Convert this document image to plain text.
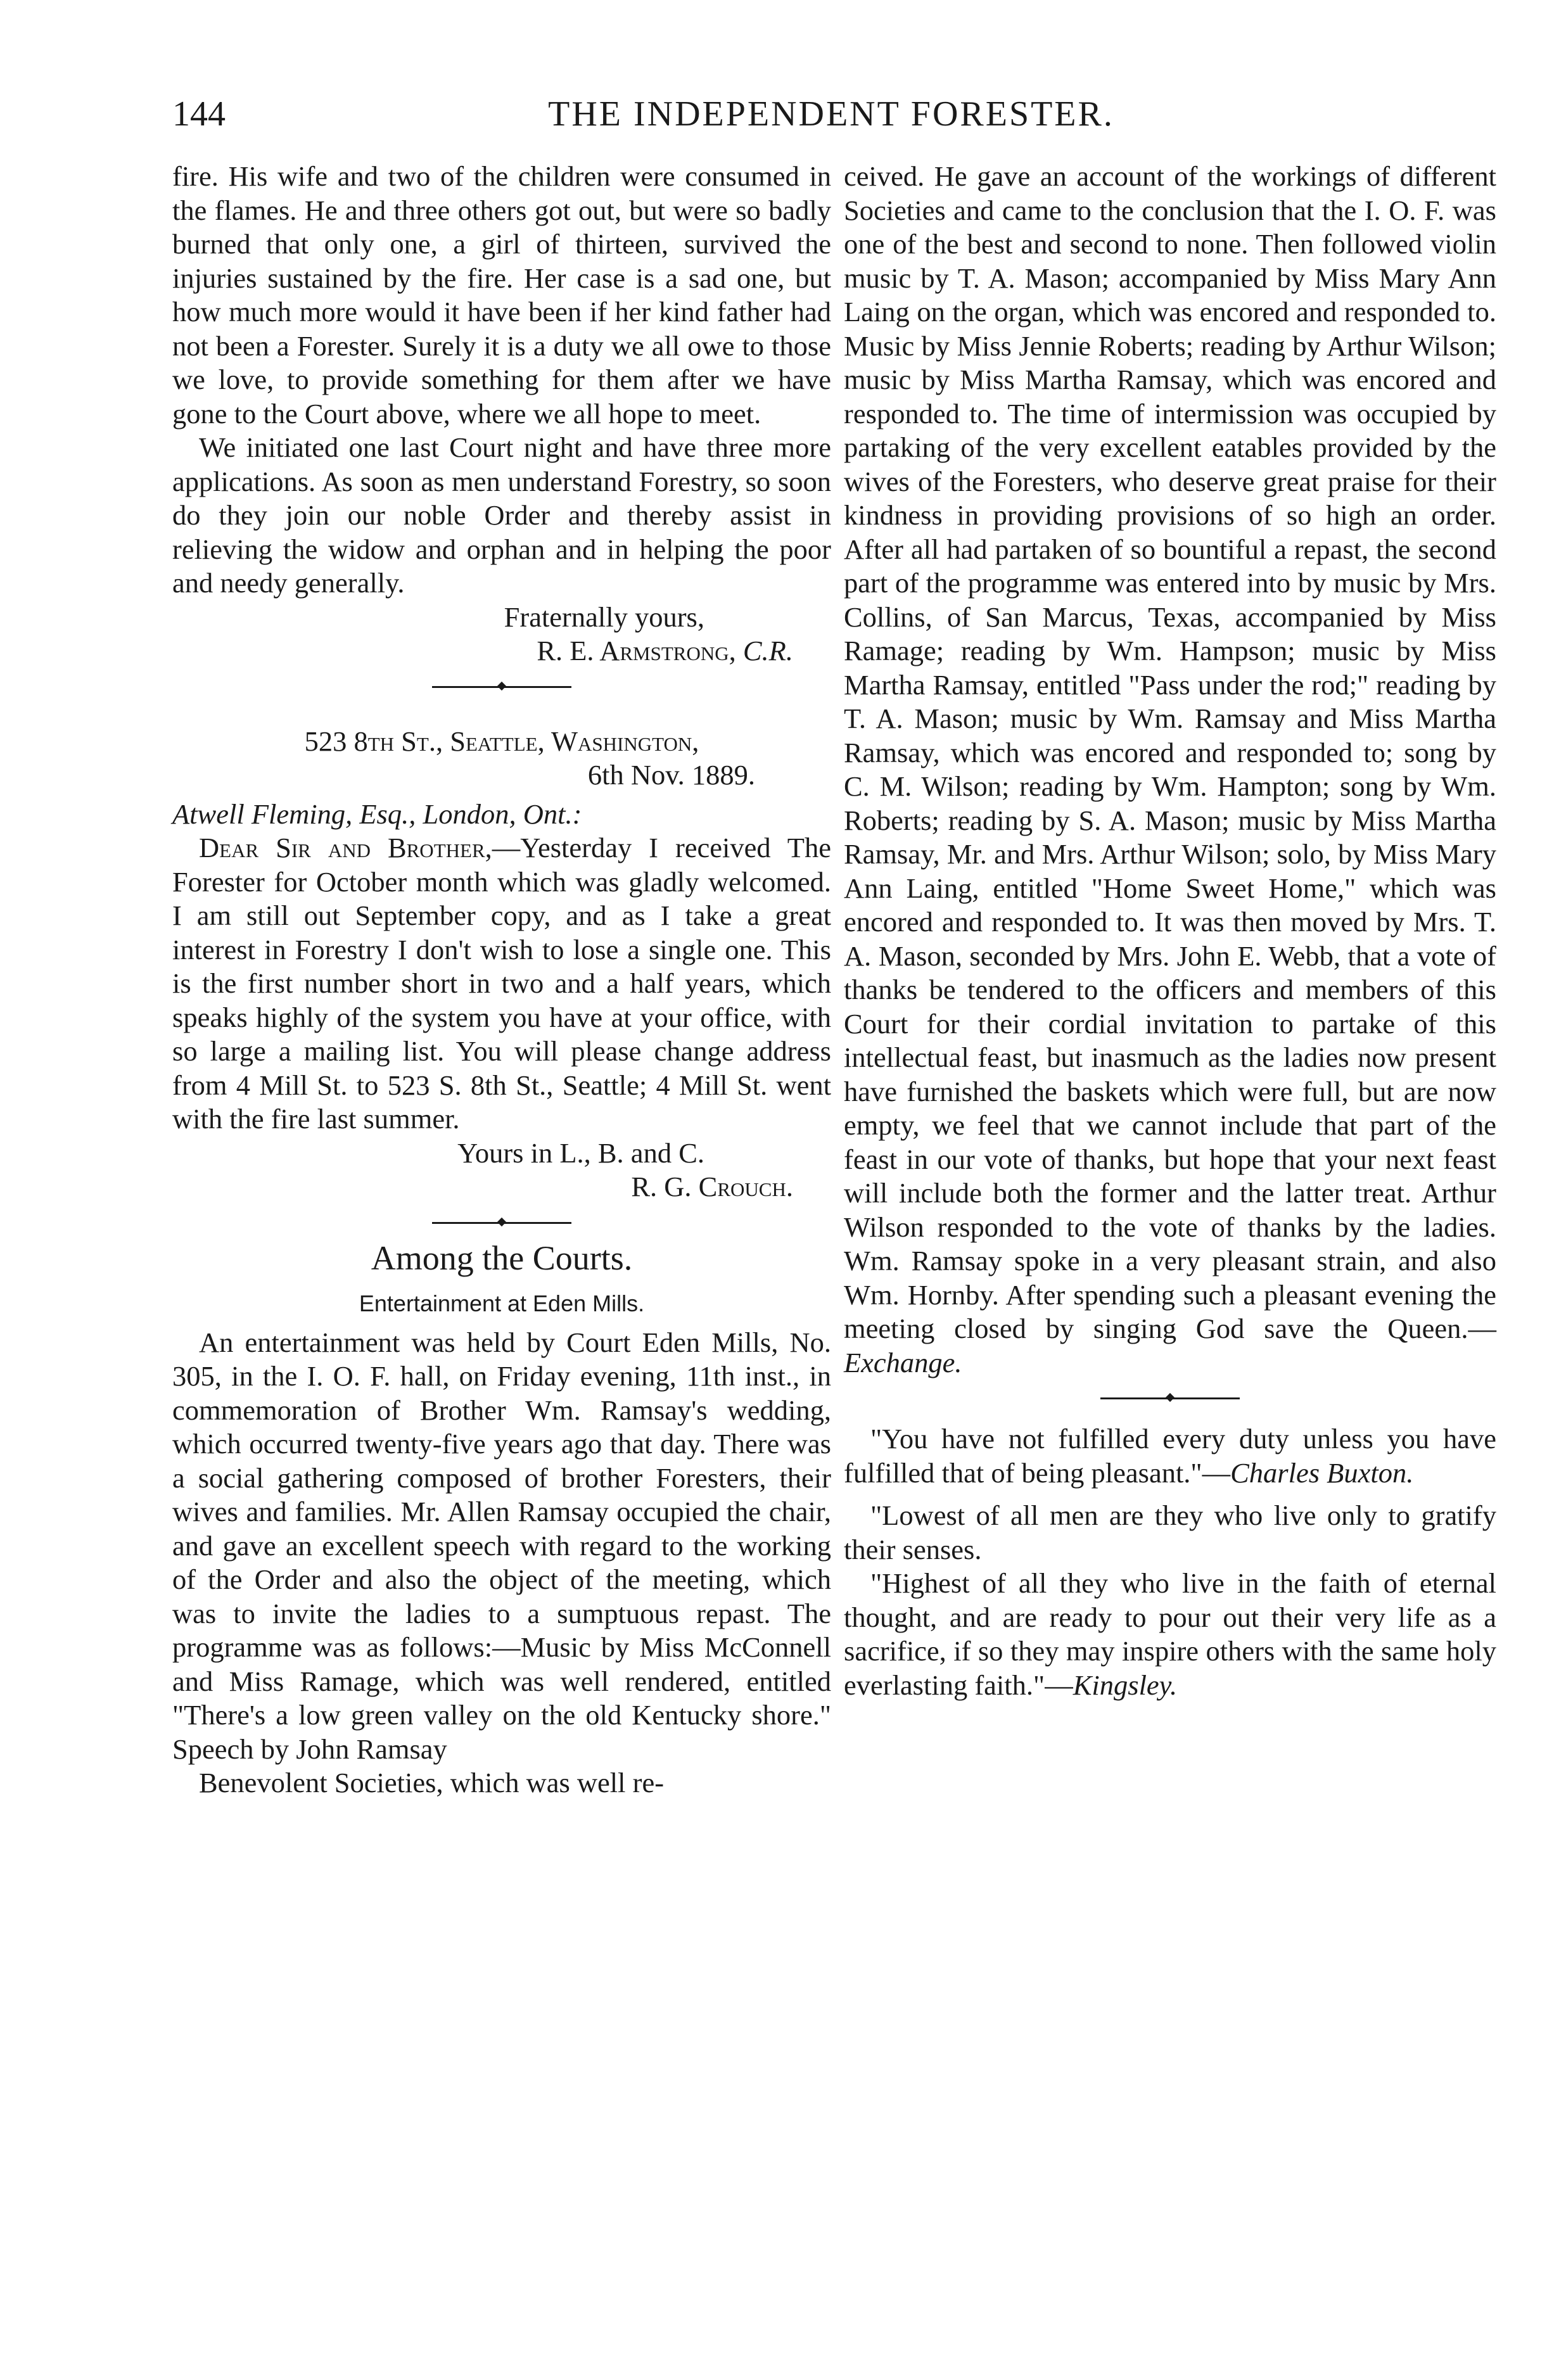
144	THE INDEPENDENT FORESTER.

fire. His wife and two of the children were consumed in the flames. He and three others got out, but were so badly burned that only one, a girl of thirteen, survived the injuries sustained by the fire. Her case is a sad one, but how much more would it have been if her kind father had not been a Forester. Surely it is a duty we all owe to those we love, to provide something for them after we have gone to the Court above, where we all hope to meet.

We initiated one last Court night and have three more applications. As soon as men understand Forestry, so soon do they join our noble Order and thereby assist in relieving the widow and orphan and in helping the poor and needy generally.

Fraternally yours,
R. E. Armstrong, C.R.
523 8th St., Seattle, Washington,
6th Nov. 1889.

Atwell Fleming, Esq., London, Ont.:

Dear Sir and Brother,—Yesterday I received The Forester for October month which was gladly welcomed. I am still out September copy, and as I take a great interest in Forestry I don't wish to lose a single one. This is the first number short in two and a half years, which speaks highly of the system you have at your office, with so large a mailing list. You will please change address from 4 Mill St. to 523 S. 8th St., Seattle; 4 Mill St. went with the fire last summer.

Yours in L., B. and C.
R. G. Crouch.
Among the Courts.
Entertainment at Eden Mills.

An entertainment was held by Court Eden Mills, No. 305, in the I. O. F. hall, on Friday evening, 11th inst., in commemoration of Brother Wm. Ramsay's wedding, which occurred twenty-five years ago that day. There was a social gathering composed of brother Foresters, their wives and families. Mr. Allen Ramsay occupied the chair, and gave an excellent speech with regard to the working of the Order and also the object of the meeting, which was to invite the ladies to a sumptuous repast. The programme was as follows:—Music by Miss McConnell and Miss Ramage, which was well rendered, entitled "There's a low green valley on the old Kentucky shore." Speech by John Ramsay

Benevolent Societies, which was well re-

ceived. He gave an account of the workings of different Societies and came to the conclusion that the I. O. F. was one of the best and second to none. Then followed violin music by T. A. Mason; accompanied by Miss Mary Ann Laing on the organ, which was encored and responded to. Music by Miss Jennie Roberts; reading by Arthur Wilson; music by Miss Martha Ramsay, which was encored and responded to. The time of intermission was occupied by partaking of the very excellent eatables provided by the wives of the Foresters, who deserve great praise for their kindness in providing provisions of so high an order. After all had partaken of so bountiful a repast, the second part of the programme was entered into by music by Mrs. Collins, of San Marcus, Texas, accompanied by Miss Ramage; reading by Wm. Hampson; music by Miss Martha Ramsay, entitled "Pass under the rod;" reading by T. A. Mason; music by Wm. Ramsay and Miss Martha Ramsay, which was encored and responded to; song by C. M. Wilson; reading by Wm. Hampton; song by Wm. Roberts; reading by S. A. Mason; music by Miss Martha Ramsay, Mr. and Mrs. Arthur Wilson; solo, by Miss Mary Ann Laing, entitled "Home Sweet Home," which was encored and responded to. It was then moved by Mrs. T. A. Mason, seconded by Mrs. John E. Webb, that a vote of thanks be tendered to the officers and members of this Court for their cordial invitation to partake of this intellectual feast, but inasmuch as the ladies now present have furnished the baskets which were full, but are now empty, we feel that we cannot include that part of the feast in our vote of thanks, but hope that your next feast will include both the former and the latter treat. Arthur Wilson responded to the vote of thanks by the ladies. Wm. Ramsay spoke in a very pleasant strain, and also Wm. Hornby. After spending such a pleasant evening the meeting closed by singing God save the Queen.—Exchange.

"You have not fulfilled every duty unless you have fulfilled that of being pleasant."—Charles Buxton.

"Lowest of all men are they who live only to gratify their senses.

"Highest of all they who live in the faith of eternal thought, and are ready to pour out their very life as a sacrifice, if so they may inspire others with the same holy everlasting faith."—Kingsley.
